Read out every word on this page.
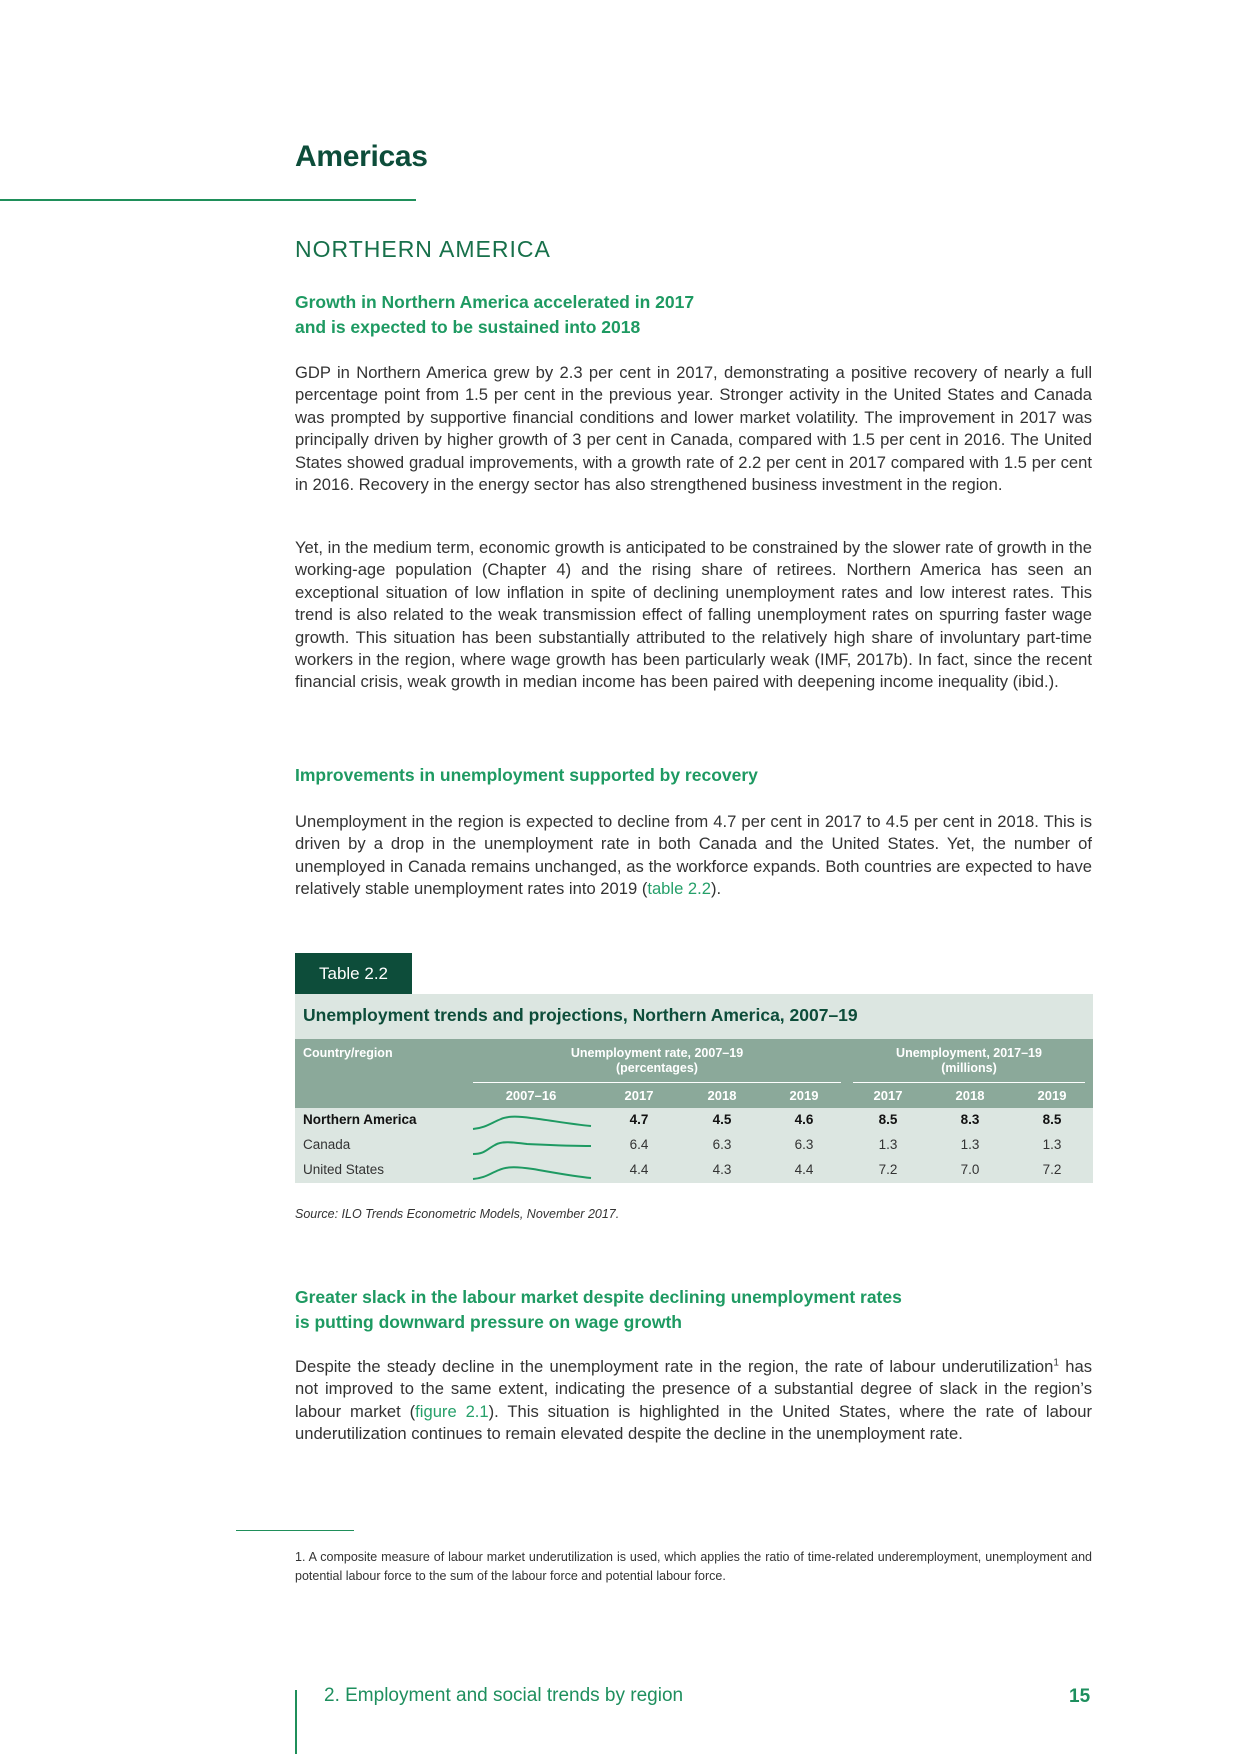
Americas
NORTHERN AMERICA
Growth in Northern America accelerated in 2017
and is expected to be sustained into 2018
GDP in Northern America grew by 2.3 per cent in 2017, demonstrating a positive recovery of nearly a full percentage point from 1.5 per cent in the previous year. Stronger activity in the United States and Canada was prompted by supportive financial conditions and lower market volatility. The improvement in 2017 was principally driven by higher growth of 3 per cent in Canada, compared with 1.5 per cent in 2016. The United States showed gradual improvements, with a growth rate of 2.2 per cent in 2017 compared with 1.5 per cent in 2016. Recovery in the energy sector has also strengthened business investment in the region.
Yet, in the medium term, economic growth is anticipated to be constrained by the slower rate of growth in the working-age population (Chapter 4) and the rising share of retirees. Northern America has seen an exceptional situation of low inflation in spite of declining unemployment rates and low interest rates. This trend is also related to the weak transmission effect of falling unemployment rates on spurring faster wage growth. This situation has been substantially attributed to the relatively high share of involuntary part-time workers in the region, where wage growth has been particularly weak (IMF, 2017b). In fact, since the recent financial crisis, weak growth in median income has been paired with deepening income inequality (ibid.).
Improvements in unemployment supported by recovery
Unemployment in the region is expected to decline from 4.7 per cent in 2017 to 4.5 per cent in 2018. This is driven by a drop in the unemployment rate in both Canada and the United States. Yet, the number of unemployed in Canada remains unchanged, as the workforce expands. Both countries are expected to have relatively stable unemployment rates into 2019 (table 2.2).
Table 2.2
Unemployment trends and projections, Northern America, 2007–19
Country/region	Unemployment rate, 2007–19
(percentages)
Unemployment, 2017–19
(millions)
2007–16	2017	2018	2019	2017	2018	2019
Northern America	4.7	4.5	4.6	8.5	8.3	8.5
Canada	6.4	6.3	6.3	1.3	1.3	1.3
United States	4.4	4.3	4.4	7.2	7.0	7.2
Source: ILO Trends Econometric Models, November 2017.
Greater slack in the labour market despite declining unemployment rates
is putting downward pressure on wage growth
Despite the steady decline in the unemployment rate in the region, the rate of labour underutilization$^1$ has not improved to the same extent, indicating the presence of a substantial degree of slack in the region’s labour market (figure 2.1). This situation is highlighted in the United States, where the rate of labour underutilization continues to remain elevated despite the decline in the unemployment rate.
1. A composite measure of labour market underutilization is used, which applies the ratio of time-related underemployment, unemployment and potential labour force to the sum of the labour force and potential labour force.
2. Employment and social trends by region	15
